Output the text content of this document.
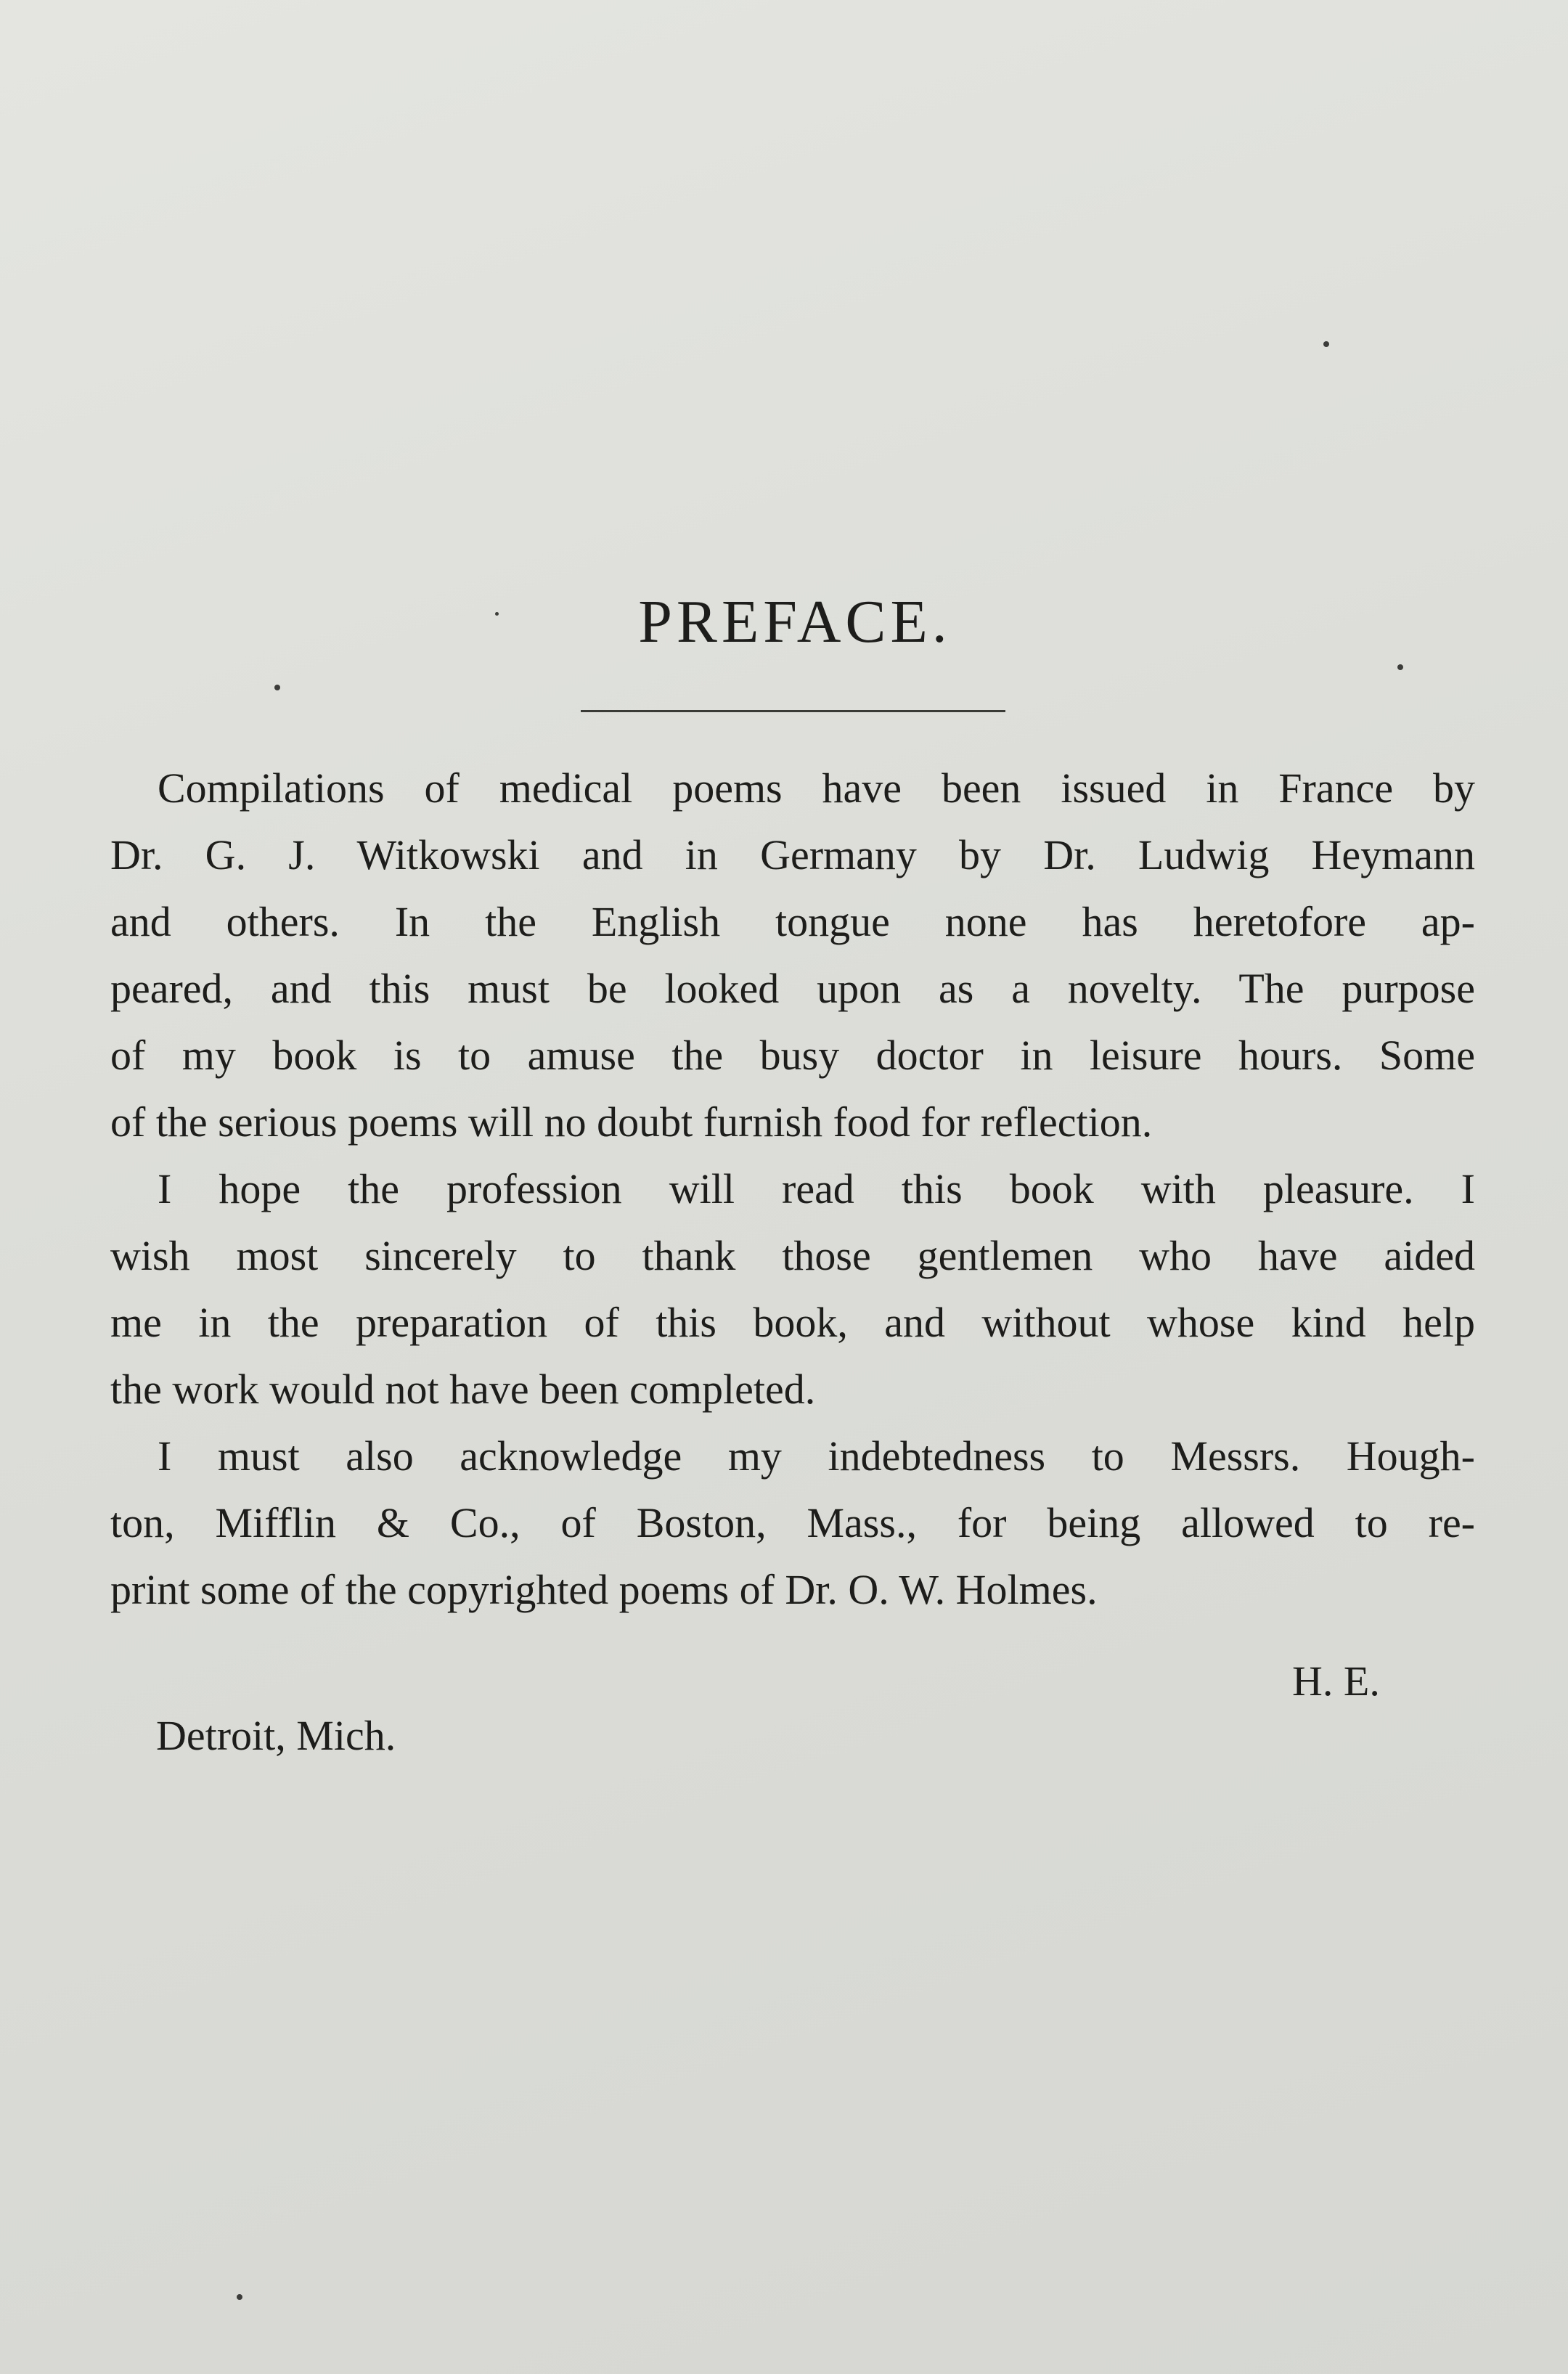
PREFACE.
Compilations of medical poems have been issued in France by
Dr. G. J. Witkowski and in Germany by Dr. Ludwig Heymann
and others. In the English tongue none has heretofore ap-
peared, and this must be looked upon as a novelty. The purpose
of my book is to amuse the busy doctor in leisure hours. Some
of the serious poems will no doubt furnish food for reflection.
I hope the profession will read this book with pleasure. I
wish most sincerely to thank those gentlemen who have aided
me in the preparation of this book, and without whose kind help
the work would not have been completed.
I must also acknowledge my indebtedness to Messrs. Hough-
ton, Mifflin & Co., of Boston, Mass., for being allowed to re-
print some of the copyrighted poems of Dr. O. W. Holmes.
H. E.
Detroit, Mich.
